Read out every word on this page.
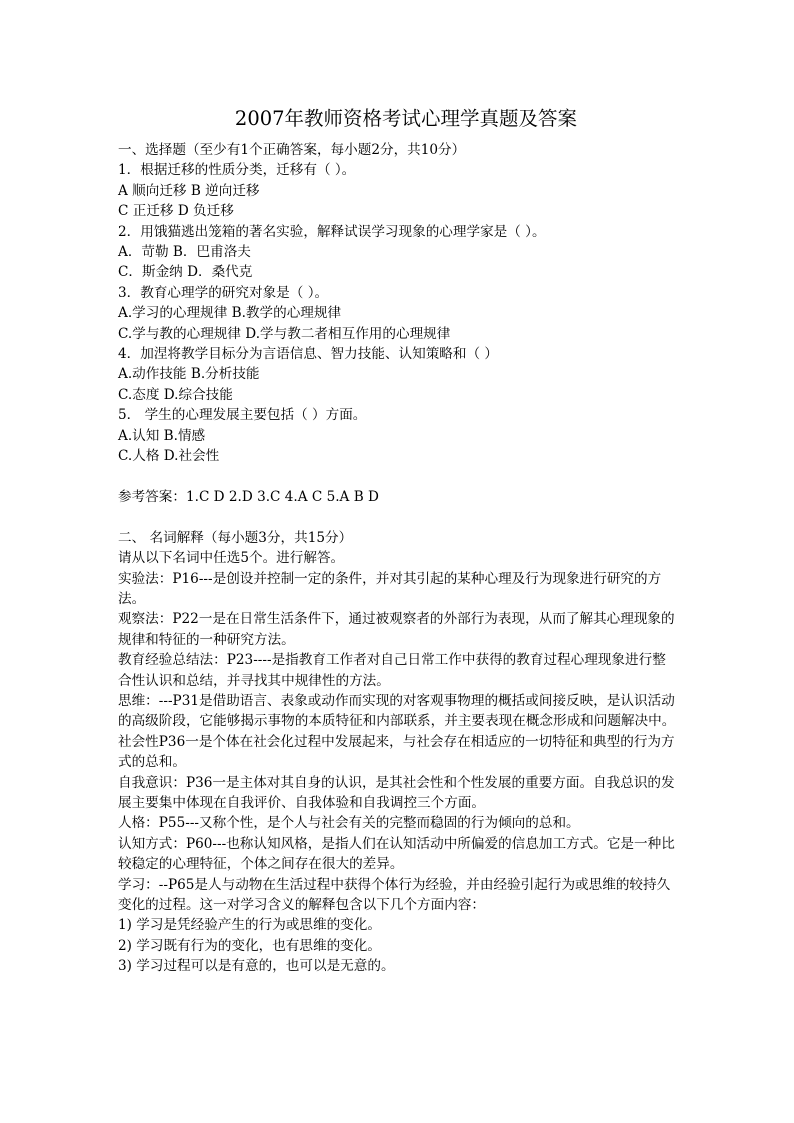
2007年教师资格考试心理学真题及答案
一、选择题（至少有1个正确答案，每小题2分，共10分）
1．根据迁移的性质分类，迁移有（ ）。
A 顺向迁移 B 逆向迁移
C 正迁移 D 负迁移
2．用饿猫逃出笼箱的著名实验，解释试误学习现象的心理学家是（ ）。
A．苛勒 B．巴甫洛夫
C．斯金纳 D．桑代克
3．教育心理学的研究对象是（ ）。
A.学习的心理规律 B.教学的心理规律
C.学与教的心理规律 D.学与教二者相互作用的心理规律
4．加涅将教学目标分为言语信息、智力技能、认知策略和（ ）
A.动作技能 B.分析技能
C.态度 D.综合技能
5． 学生的心理发展主要包括（ ）方面。
A.认知 B.情感
C.人格 D.社会性
参考答案：1.C D 2.D 3.C 4.A C 5.A B D
二、 名词解释（每小题3分，共15分）
请从以下名词中任选5个。进行解答。
实验法：P16---是创设并控制一定的条件，并对其引起的某种心理及行为现象进行研究的方法。
观察法：P22一是在日常生活条件下，通过被观察者的外部行为表现，从而了解其心理现象的规律和特征的一种研究方法。
教育经验总结法：P23----是指教育工作者对自己日常工作中获得的教育过程心理现象进行整合性认识和总结，并寻找其中规律性的方法。
思维：---P31是借助语言、表象或动作而实现的对客观事物理的概括或间接反映，是认识活动的高级阶段，它能够揭示事物的本质特征和内部联系，并主要表现在概念形成和问题解决中。
社会性P36一是个体在社会化过程中发展起来，与社会存在相适应的一切特征和典型的行为方式的总和。
自我意识：P36一是主体对其自身的认识，是其社会性和个性发展的重要方面。自我总识的发展主要集中体现在自我评价、自我体验和自我调控三个方面。
人格：P55---又称个性，是个人与社会有关的完整而稳固的行为倾向的总和。
认知方式：P60---也称认知风格，是指人们在认知活动中所偏爱的信息加工方式。它是一种比较稳定的心理特征，个体之间存在很大的差异。
学习：--P65是人与动物在生活过程中获得个体行为经验，并由经验引起行为或思维的较持久变化的过程。这一对学习含义的解释包含以下几个方面内容：
1) 学习是凭经验产生的行为或思维的变化。
2) 学习既有行为的变化，也有思维的变化。
3) 学习过程可以是有意的，也可以是无意的。
